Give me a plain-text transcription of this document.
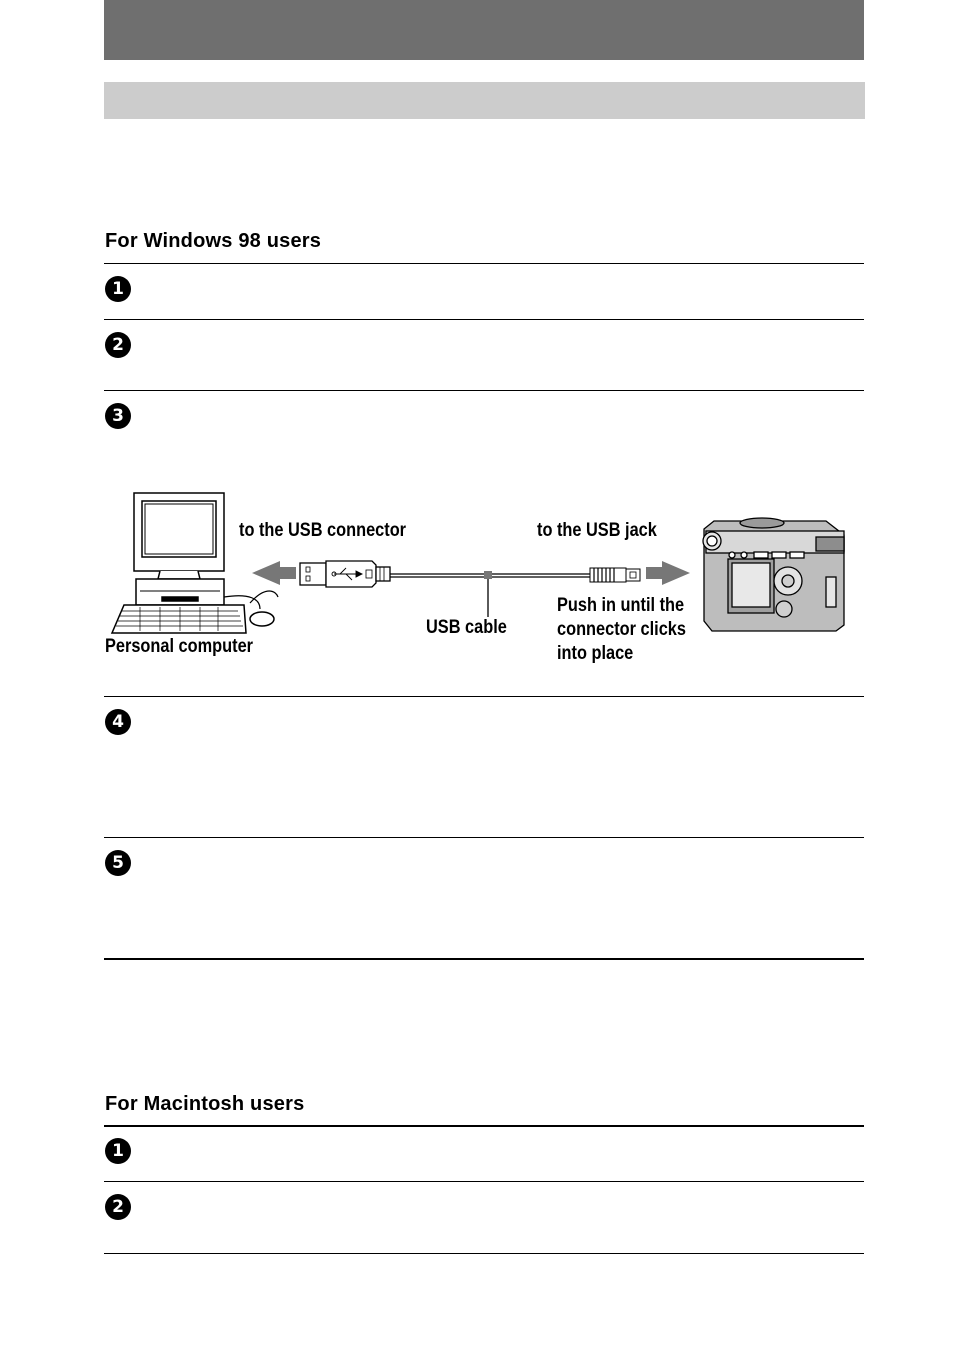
For Windows 98 users
1
2
3
to the USB connector	to the USB jack
USB cable
Push in until the
connector clicks
into place
Personal computer
4
5
For Macintosh users
1
2
